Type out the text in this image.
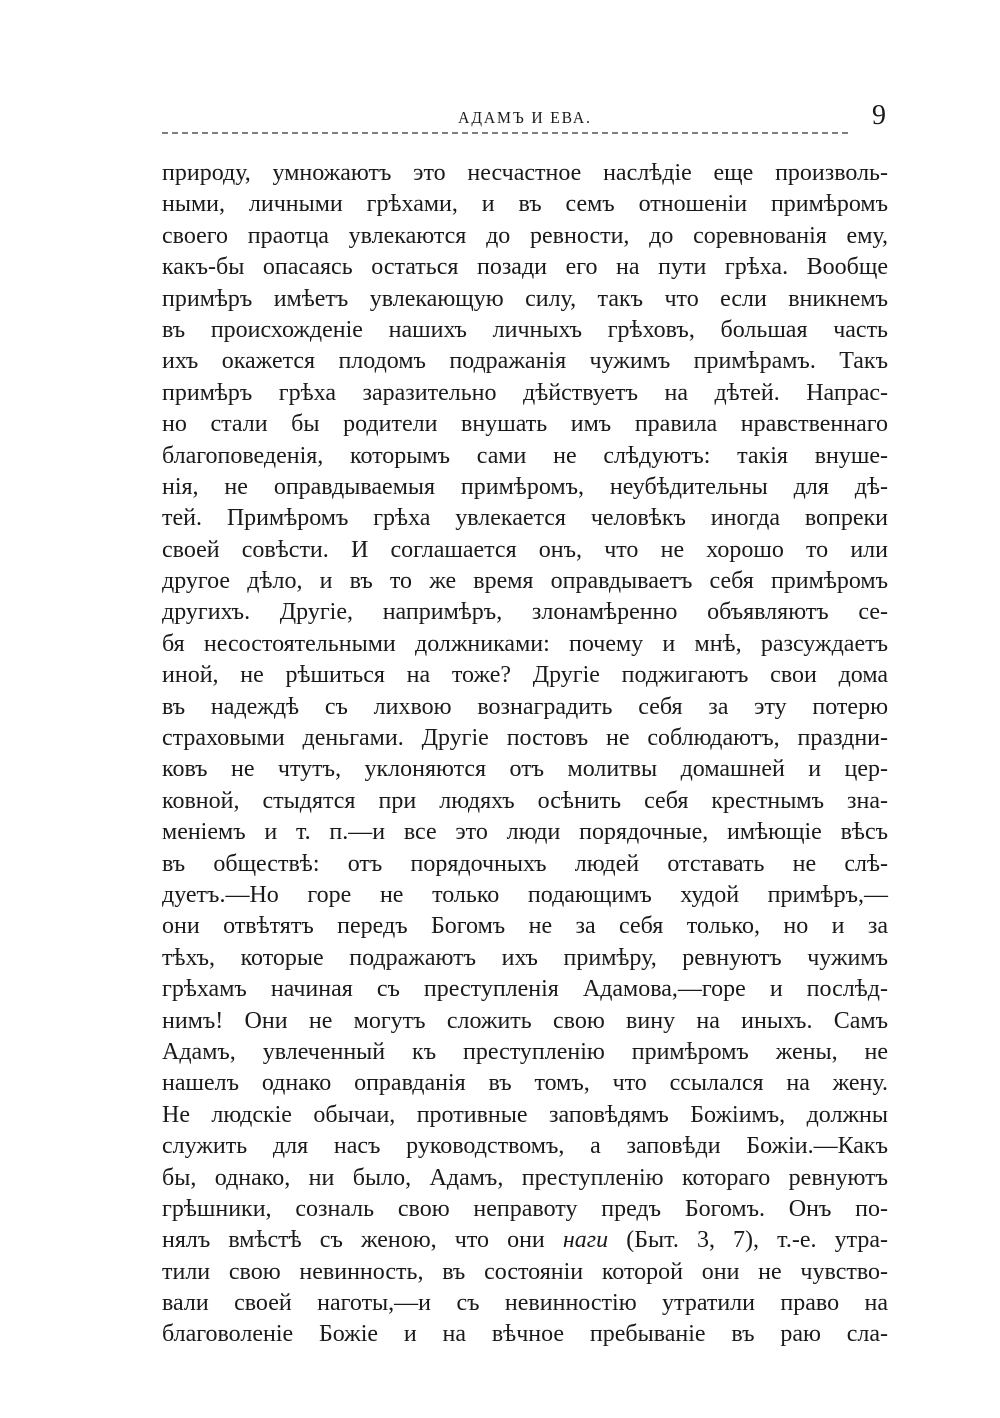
АДАМЪ И ЕВА.	9
природу, умножаютъ это несчастное наслѣдіе еще произволь-
ными, личными грѣхами, и въ семъ отношеніи примѣромъ
своего праотца увлекаются до ревности, до соревнованія ему,
какъ-бы опасаясь остаться позади его на пути грѣха. Вообще
примѣръ имѣетъ увлекающую силу, такъ что если вникнемъ
въ происхожденіе нашихъ личныхъ грѣховъ, большая часть
ихъ окажется плодомъ подражанія чужимъ примѣрамъ. Такъ
примѣръ грѣха заразительно дѣйствуетъ на дѣтей. Напрас-
но стали бы родители внушать имъ правила нравственнаго
благоповеденія, которымъ сами не слѣдуютъ: такія внуше-
нія, не оправдываемыя примѣромъ, неубѣдительны для дѣ-
тей. Примѣромъ грѣха увлекается человѣкъ иногда вопреки
своей совѣсти. И соглашается онъ, что не хорошо то или
другое дѣло, и въ то же время оправдываетъ себя примѣромъ
другихъ. Другіе, напримѣръ, злонамѣренно объявляютъ се-
бя несостоятельными должниками: почему и мнѣ, разсуждаетъ
иной, не рѣшиться на тоже? Другіе поджигаютъ свои дома
въ надеждѣ съ лихвою вознаградить себя за эту потерю
страховыми деньгами. Другіе постовъ не соблюдаютъ, праздни-
ковъ не чтутъ, уклоняются отъ молитвы домашней и цер-
ковной, стыдятся при людяхъ осѣнить себя крестнымъ зна-
меніемъ и т. п.—и все это люди порядочные, имѣющіе вѣсъ
въ обществѣ: отъ порядочныхъ людей отставать не слѣ-
дуетъ.—Но горе не только подающимъ худой примѣръ,—
они отвѣтятъ передъ Богомъ не за себя только, но и за
тѣхъ, которые подражаютъ ихъ примѣру, ревнуютъ чужимъ
грѣхамъ начиная съ преступленія Адамова,—горе и послѣд-
нимъ! Они не могутъ сложить свою вину на иныхъ. Самъ
Адамъ, увлеченный къ преступленію примѣромъ жены, не
нашелъ однако оправданія въ томъ, что ссылался на жену.
Не людскіе обычаи, противные заповѣдямъ Божіимъ, должны
служить для насъ руководствомъ, а заповѣди Божіи.—Какъ
бы, однако, ни было, Адамъ, преступленію котораго ревнуютъ
грѣшники, созналь свою неправоту предъ Богомъ. Онъ по-
нялъ вмѣстѣ съ женою, что они наги (Быт. 3, 7), т.-е. утра-
тили свою невинность, въ состояніи которой они не чувство-
вали своей наготы,—и съ невинностію утратили право на
благоволеніе Божіе и на вѣчное пребываніе въ раю сла-
